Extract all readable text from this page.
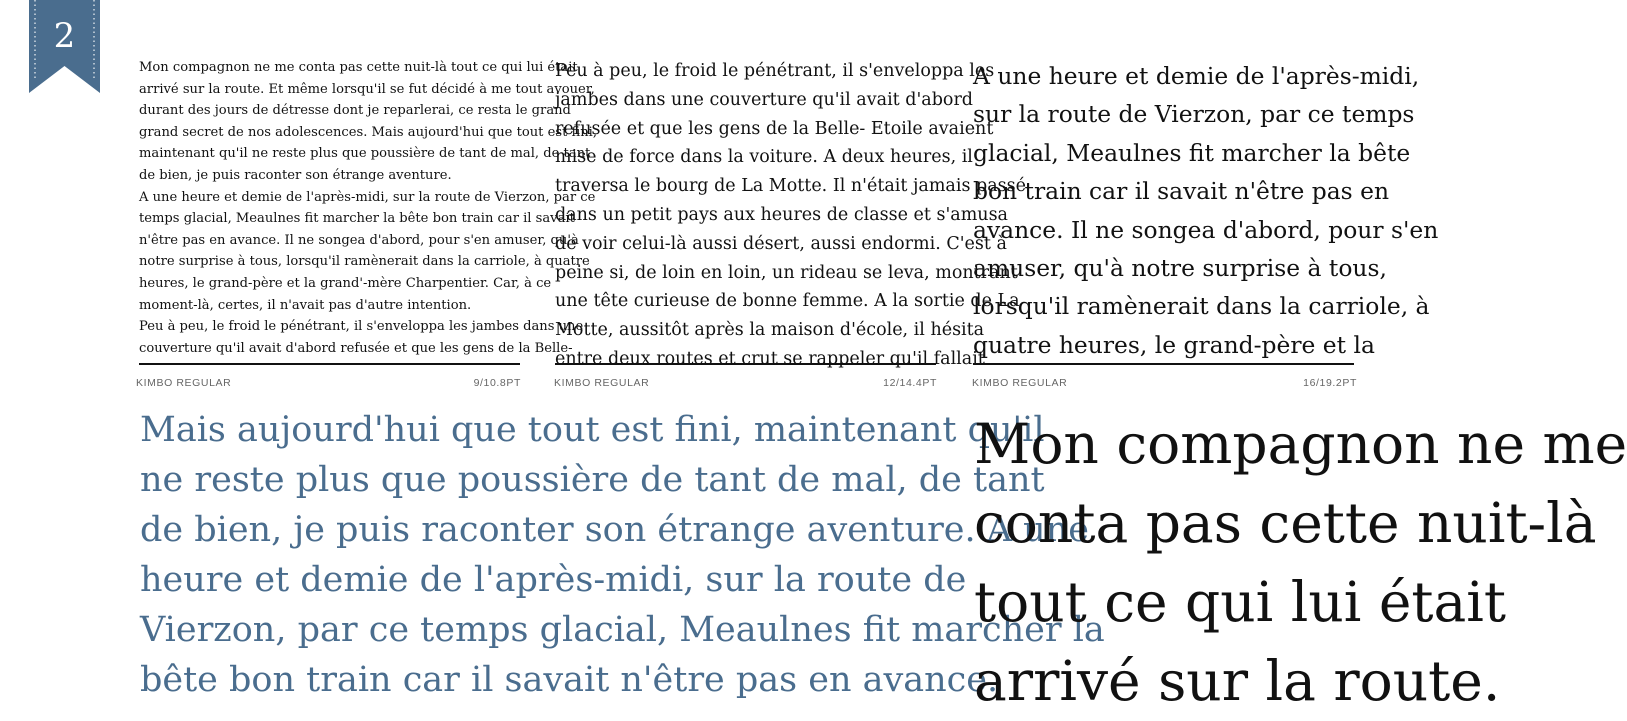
2

Mon compagnon ne me conta pas cette nuit-là tout ce qui lui était

arrivé sur la route. Et même lorsqu'il se fut décidé à me tout avouer,

durant des jours de détresse dont je reparlerai, ce resta le grand

grand secret de nos adolescences. Mais aujourd'hui que tout est fini,

maintenant qu'il ne reste plus que poussière de tant de mal, de tant

de bien, je puis raconter son étrange aventure.

A une heure et demie de l'après-midi, sur la route de Vierzon, par ce

temps glacial, Meaulnes fit marcher la bête bon train car il savait

n'être pas en avance. Il ne songea d'abord, pour s'en amuser, qu'à

notre surprise à tous, lorsqu'il ramènerait dans la carriole, à quatre

heures, le grand-père et la grand'-mère Charpentier. Car, à ce

moment-là, certes, il n'avait pas d'autre intention.

Peu à peu, le froid le pénétrant, il s'enveloppa les jambes dans une

couverture qu'il avait d'abord refusée et que les gens de la Belle-

Peu à peu, le froid le pénétrant, il s'enveloppa les

jambes dans une couverture qu'il avait d'abord

refusée et que les gens de la Belle- Etoile avaient

mise de force dans la voiture. A deux heures, il

traversa le bourg de La Motte. Il n'était jamais passé

dans un petit pays aux heures de classe et s'amusa

de voir celui-là aussi désert, aussi endormi. C'est à

peine si, de loin en loin, un rideau se leva, montrant

une tête curieuse de bonne femme. A la sortie de La

Motte, aussitôt après la maison d'école, il hésita

entre deux routes et crut se rappeler qu'il fallait

A une heure et demie de l'après-midi,

sur la route de Vierzon, par ce temps

glacial, Meaulnes fit marcher la bête

bon train car il savait n'être pas en

avance. Il ne songea d'abord, pour s'en

amuser, qu'à notre surprise à tous,

lorsqu'il ramènerait dans la carriole, à

quatre heures, le grand-père et la

KIMBO REGULAR	9/10.8PT	KIMBO REGULAR	12/14.4PT	KIMBO REGULAR	16/19.2PT
Mais aujourd'hui que tout est fini, maintenant qu'il
ne reste plus que poussière de tant de mal, de tant
de bien, je puis raconter son étrange aventure. A une
heure et demie de l'après-midi, sur la route de
Vierzon, par ce temps glacial, Meaulnes fit marcher la
bête bon train car il savait n'être pas en avance.
Mon compagnon ne me
conta pas cette nuit-là
tout ce qui lui était
arrivé sur la route.
